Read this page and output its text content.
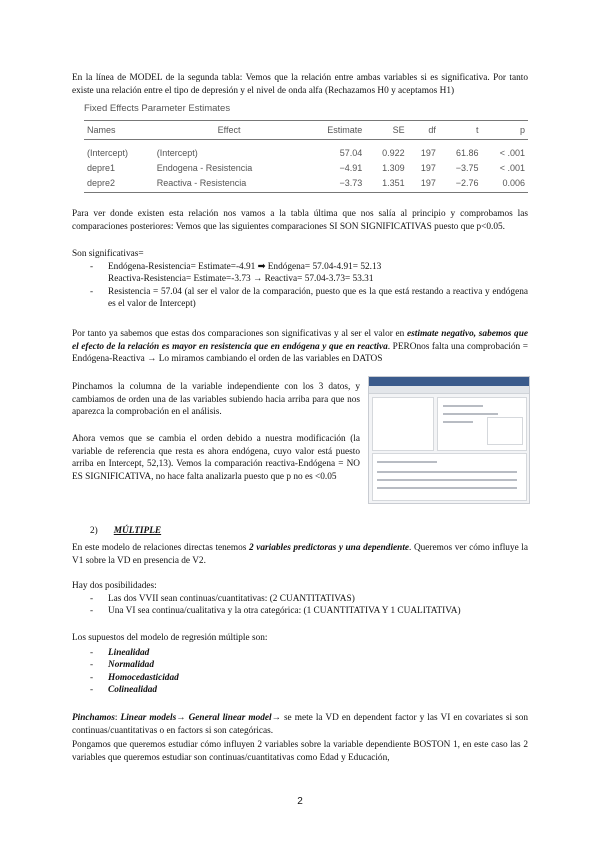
En la línea de MODEL de la segunda tabla: Vemos que la relación entre ambas variables si es significativa. Por tanto existe una relación entre el tipo de depresión y el nivel de onda alfa (Rechazamos H0 y aceptamos H1)

Fixed Effects Parameter Estimates
Names	Effect	Estimate	SE	df	t	p
(Intercept)	(Intercept)	57.04	0.922	197	61.86	< .001
depre1	Endogena - Resistencia	−4.91	1.309	197	−3.75	< .001
depre2	Reactiva - Resistencia	−3.73	1.351	197	−2.76	0.006

Para ver donde existen esta relación nos vamos a la tabla última que nos salía al principio y comprobamos las comparaciones posteriores: Vemos que las siguientes comparaciones SI SON SIGNIFICATIVAS puesto que p<0.05.

Son significativas=
- Endógena-Resistencia= Estimate=-4.91 ➡ Endógena= 57.04-4.91= 52.13
Reactiva-Resistencia= Estimate=-3.73 → Reactiva= 57.04-3.73= 53.31
- Resistencia = 57.04 (al ser el valor de la comparación, puesto que es la que está restando a reactiva y endógena es el valor de Intercept)

Por tanto ya sabemos que estas dos comparaciones son significativas y al ser el valor en estimate negativo, sabemos que el efecto de la relación es mayor en resistencia que en endógena y que en reactiva. PEROnos falta una comprobación = Endógena-Reactiva → Lo miramos cambiando el orden de las variables en DATOS

Pinchamos la columna de la variable independiente con los 3 datos, y cambiamos de orden una de las variables subiendo hacia arriba para que nos aparezca la comprobación en el análisis.

Ahora vemos que se cambia el orden debido a nuestra modificación (la variable de referencia que resta es ahora endógena, cuyo valor está puesto arriba en Intercept, 52,13). Vemos la comparación reactiva-Endógena = NO ES SIGNIFICATIVA, no hace falta analizarla puesto que p no es <0.05

2) MÚLTIPLE

En este modelo de relaciones directas tenemos 2 variables predictoras y una dependiente. Queremos ver cómo influye la V1 sobre la VD en presencia de V2.

Hay dos posibilidades:
- Las dos VVII sean continuas/cuantitativas: (2 CUANTITATIVAS)
- Una VI sea continua/cualitativa y la otra categórica: (1 CUANTITATIVA Y 1 CUALITATIVA)
Los supuestos del modelo de regresión múltiple son:
- Linealidad
- Normalidad
- Homocedasticidad
- Colinealidad

Pinchamos: Linear models→ General linear model→ se mete la VD en dependent factor y las VI en covariates si son continuas/cuantitativas o en factors si son categóricas.

Pongamos que queremos estudiar cómo influyen 2 variables sobre la variable dependiente BOSTON 1, en este caso las 2 variables que queremos estudiar son continuas/cuantitativas como Edad y Educación,

2
